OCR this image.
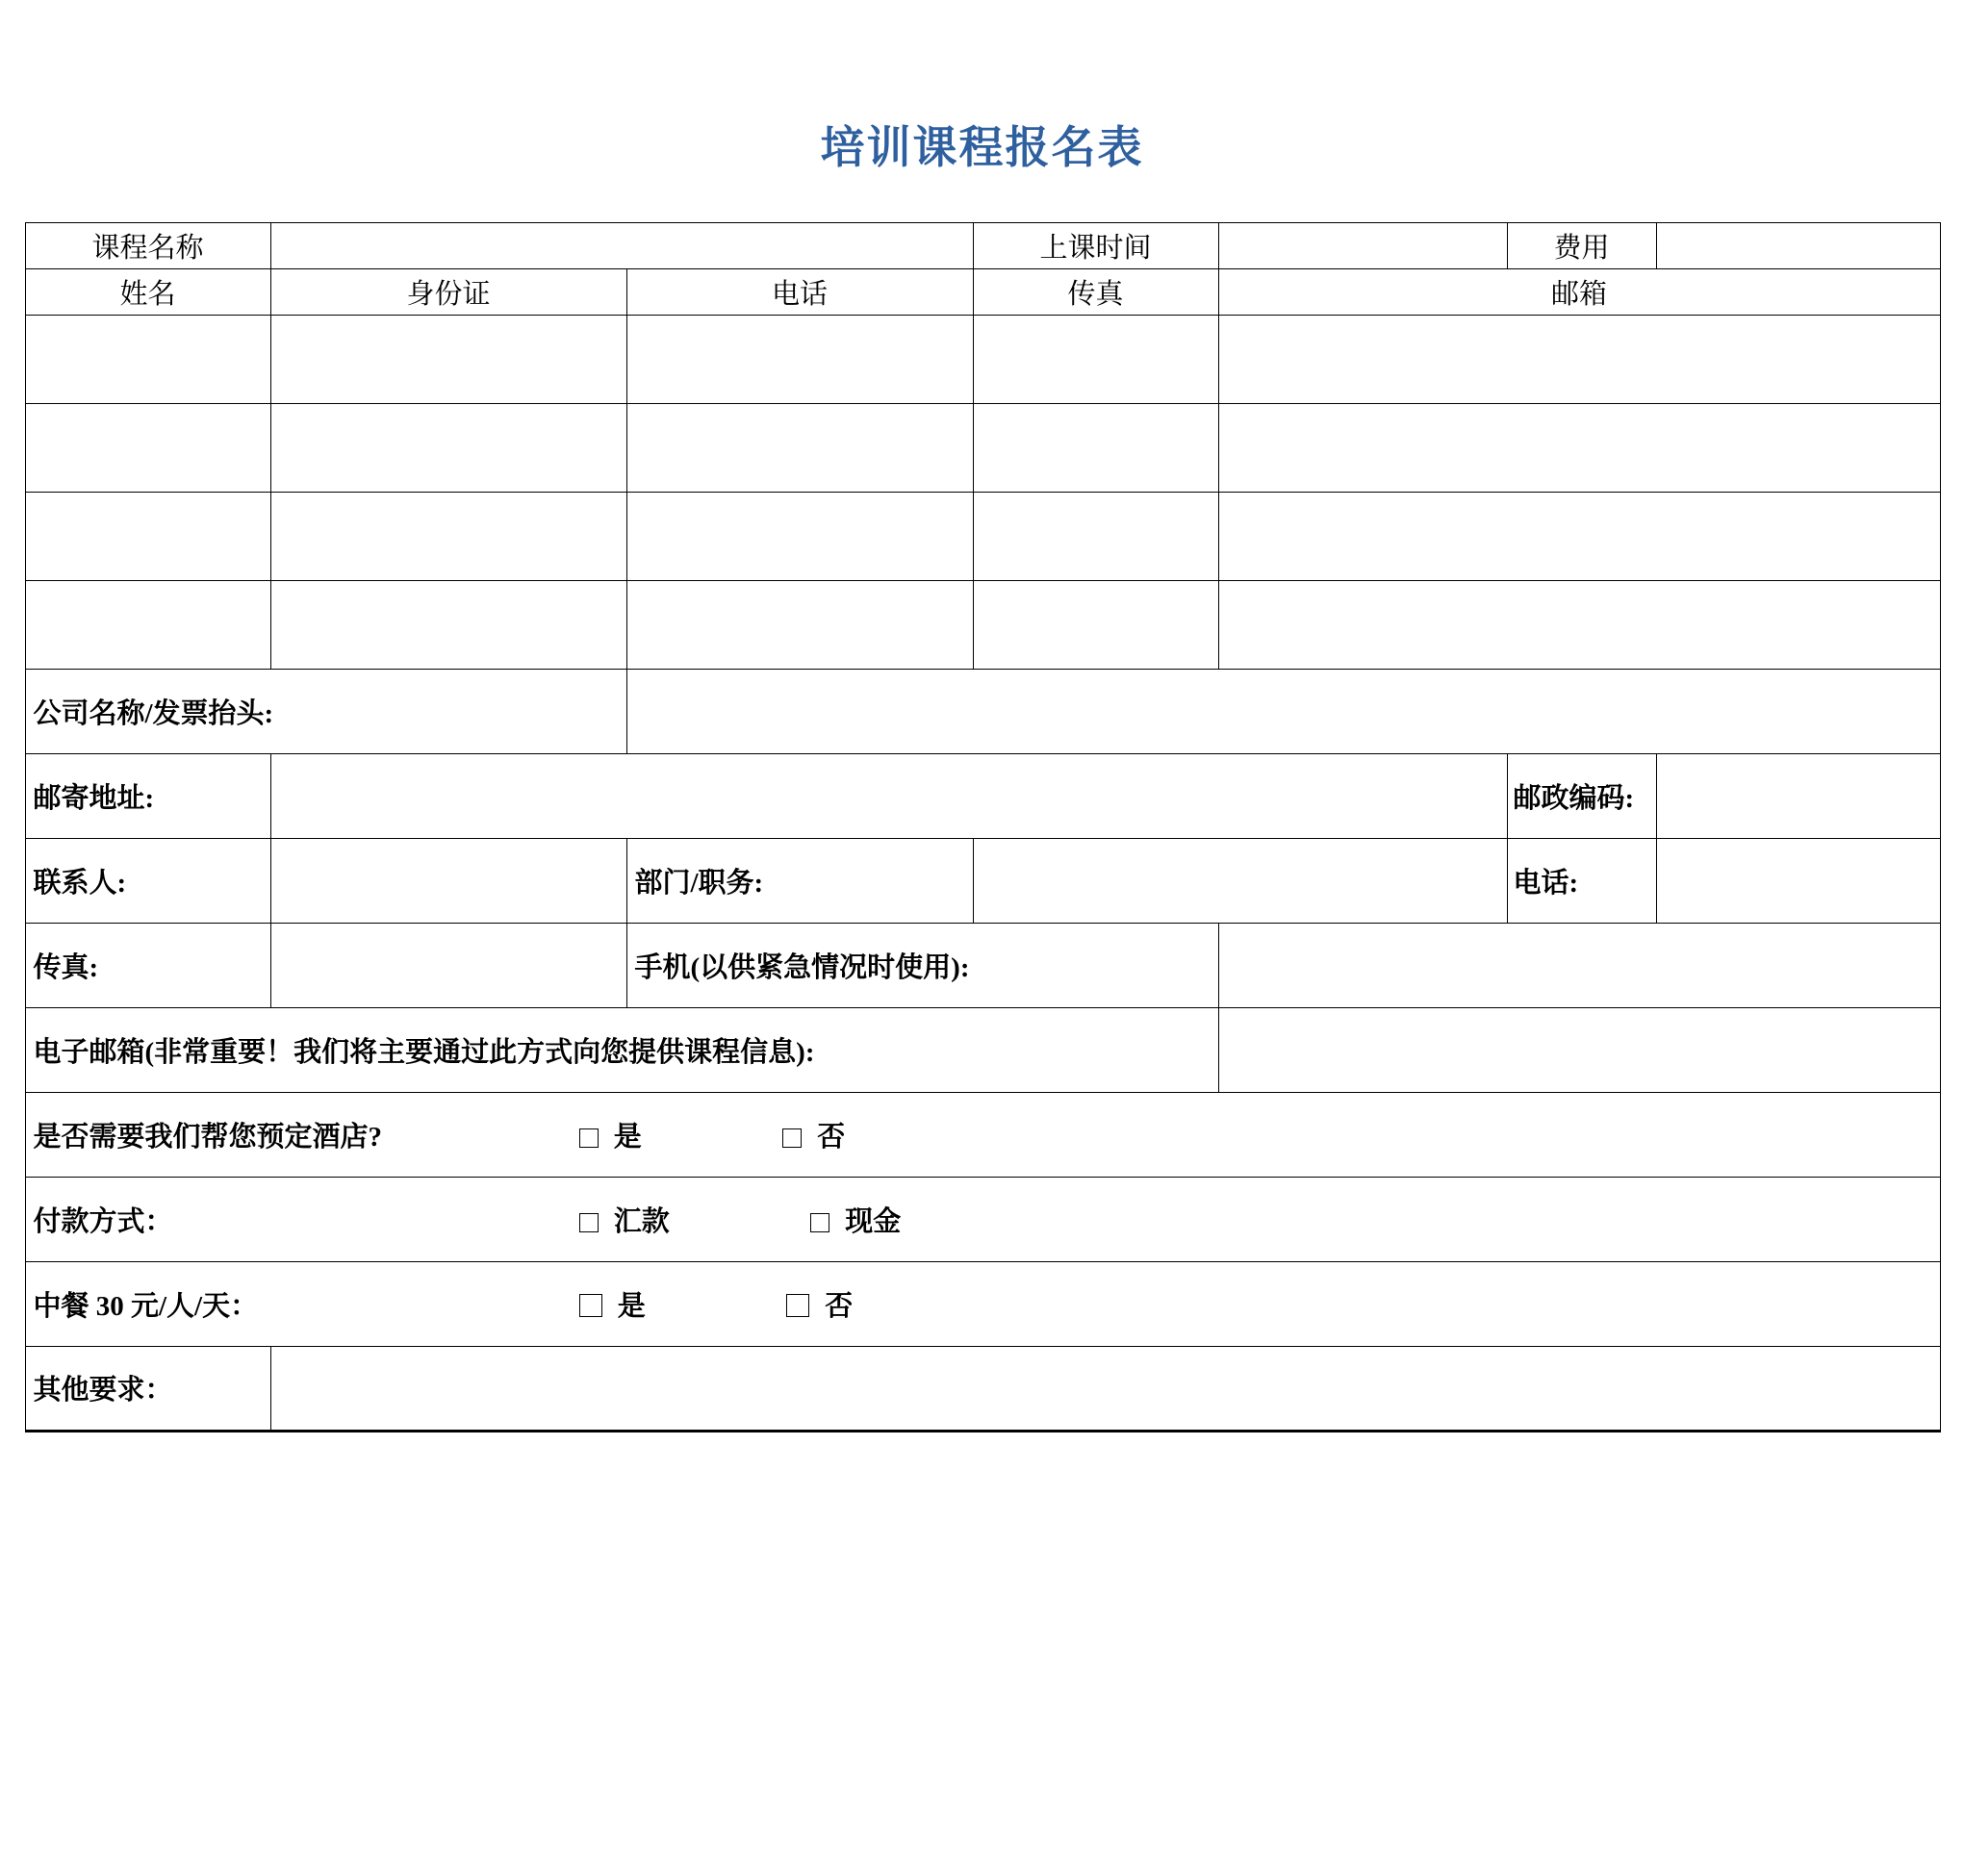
培训课程报名表
课程名称			上课时间		费用	
姓名	身份证	电话	传真	邮箱		

公司名称/发票抬头:						
邮寄地址:					邮政编码:	
联系人:		部门/职务:			电话:	
传真:		手机(以供紧急情况时使用):				
电子邮箱(非常重要！我们将主要通过此方式向您提供课程信息):						
是否需要我们帮您预定酒店? 是 否						
付款方式： 汇款 现金						
中餐 30 元/人/天： 是 否						
其他要求：						
